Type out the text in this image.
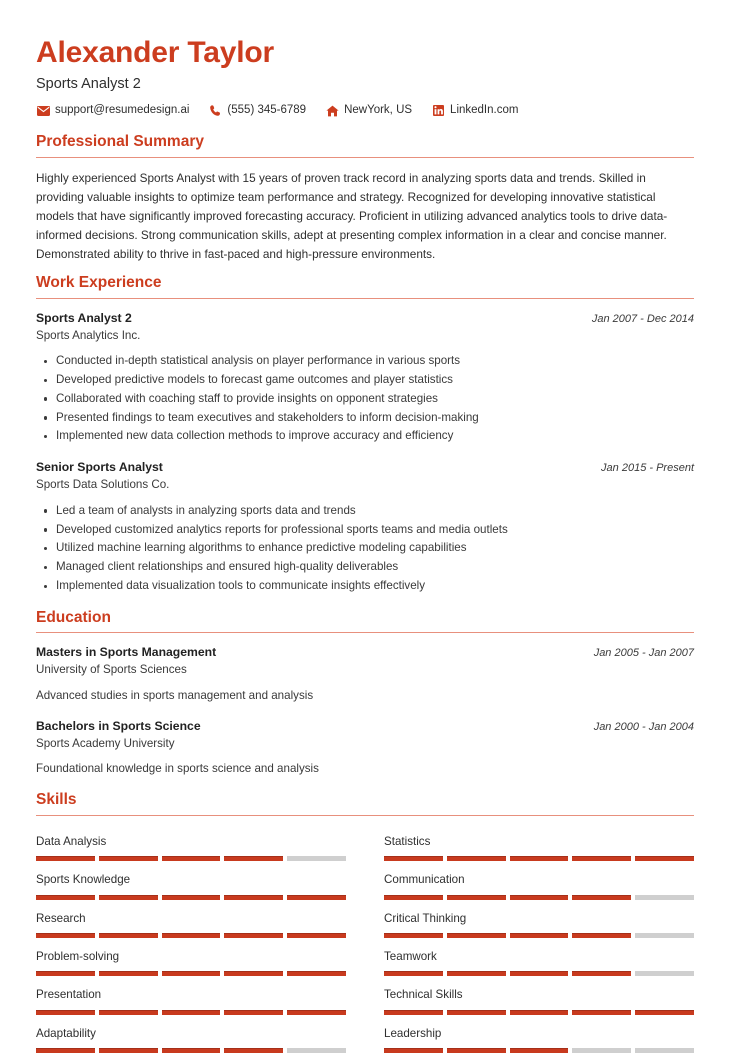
Alexander Taylor
Sports Analyst 2
support@resumedesign.ai	(555) 345-6789	NewYork, US	LinkedIn.com
Professional Summary

Highly experienced Sports Analyst with 15 years of proven track record in analyzing sports data and trends. Skilled in providing valuable insights to optimize team performance and strategy. Recognized for developing innovative statistical models that have significantly improved forecasting accuracy. Proficient in utilizing advanced analytics tools to drive data-informed decisions. Strong communication skills, adept at presenting complex information in a clear and concise manner. Demonstrated ability to thrive in fast-paced and high-pressure environments.

Work Experience
Sports Analyst 2	Jan 2007 - Dec 2014
Sports Analytics Inc.
Conducted in-depth statistical analysis on player performance in various sports
Developed predictive models to forecast game outcomes and player statistics
Collaborated with coaching staff to provide insights on opponent strategies
Presented findings to team executives and stakeholders to inform decision-making
Implemented new data collection methods to improve accuracy and efficiency
Senior Sports Analyst	Jan 2015 - Present
Sports Data Solutions Co.
Led a team of analysts in analyzing sports data and trends
Developed customized analytics reports for professional sports teams and media outlets
Utilized machine learning algorithms to enhance predictive modeling capabilities
Managed client relationships and ensured high-quality deliverables
Implemented data visualization tools to communicate insights effectively
Education
Masters in Sports Management	Jan 2005 - Jan 2007
University of Sports Sciences
Advanced studies in sports management and analysis
Bachelors in Sports Science	Jan 2000 - Jan 2004
Sports Academy University
Foundational knowledge in sports science and analysis
Skills
Data Analysis	Statistics
Sports Knowledge	Communication
Research	Critical Thinking
Problem-solving	Teamwork
Presentation	Technical Skills
Adaptability	Leadership
